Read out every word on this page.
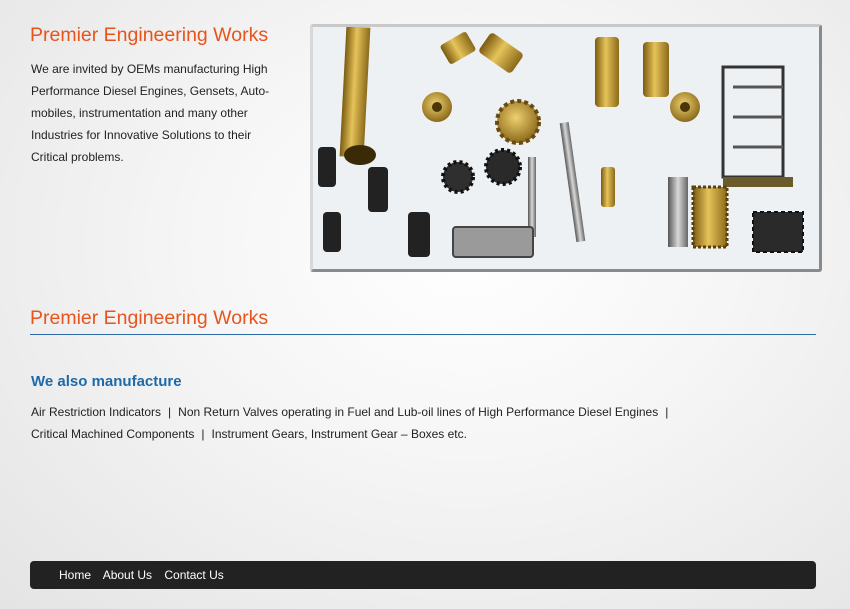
Premier Engineering Works
We are invited by OEMs manufacturing High Performance Diesel Engines, Gensets, Auto-mobiles, instrumentation and many other Industries for Innovative Solutions to their Critical problems.
Premier Engineering Works
We also manufacture
Air Restriction Indicators | Non Return Valves operating in Fuel and Lub-oil lines of High Performance Diesel Engines |
Critical Machined Components | Instrument Gears, Instrument Gear – Boxes etc.
Home About Us Contact Us
